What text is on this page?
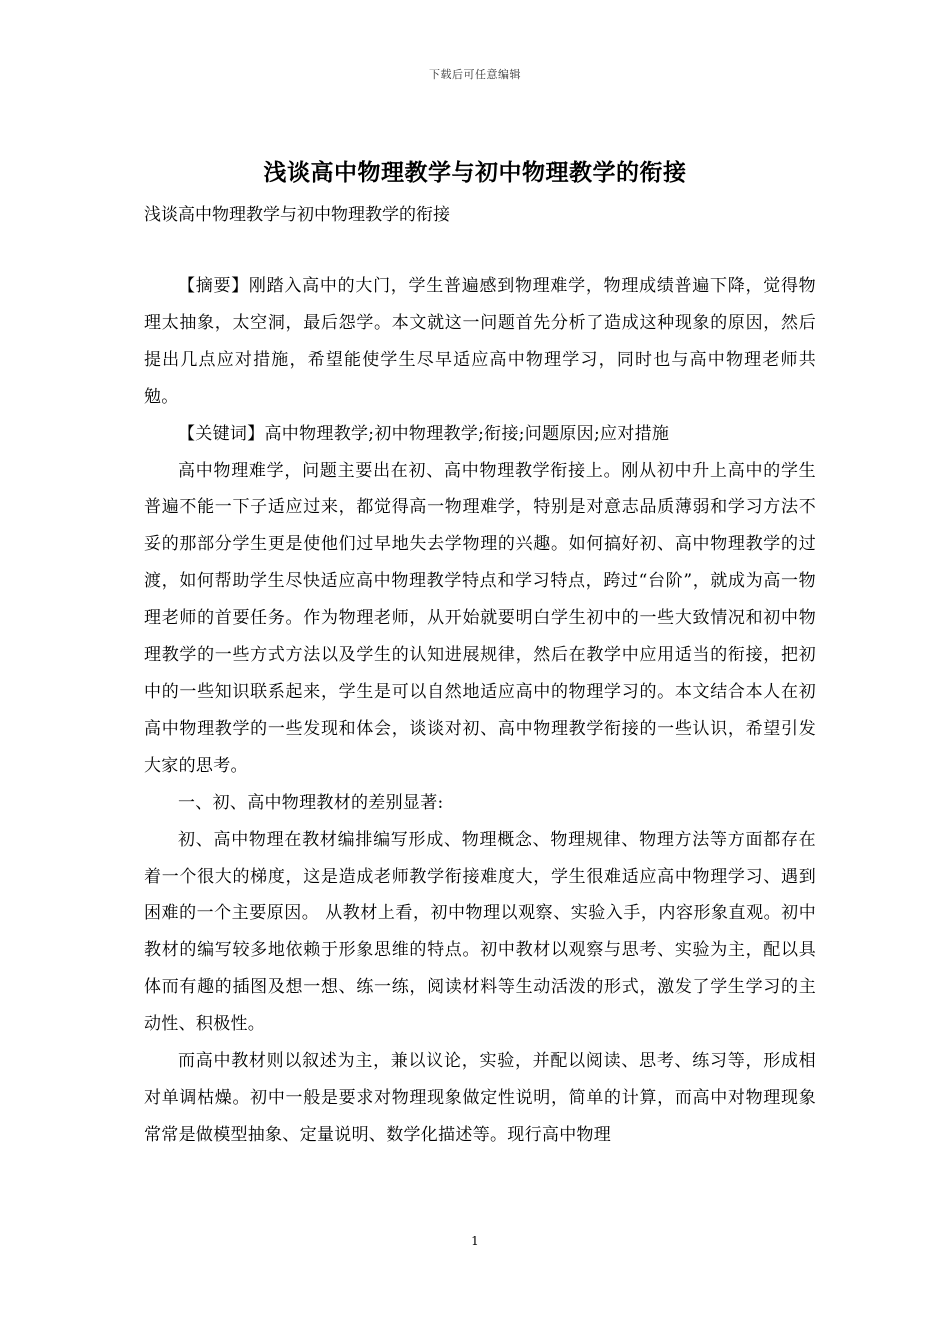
下载后可任意编辑
浅谈高中物理教学与初中物理教学的衔接
浅谈高中物理教学与初中物理教学的衔接

【摘要】刚踏入高中的大门，学生普遍感到物理难学，物理成绩普遍下降，觉得物理太抽象，太空洞，最后怨学。本文就这一问题首先分析了造成这种现象的原因，然后提出几点应对措施，希望能使学生尽早适应高中物理学习，同时也与高中物理老师共勉。

【关键词】高中物理教学;初中物理教学;衔接;问题原因;应对措施

高中物理难学，问题主要出在初、高中物理教学衔接上。刚从初中升上高中的学生普遍不能一下子适应过来，都觉得高一物理难学，特别是对意志品质薄弱和学习方法不妥的那部分学生更是使他们过早地失去学物理的兴趣。如何搞好初、高中物理教学的过渡，如何帮助学生尽快适应高中物理教学特点和学习特点，跨过“台阶”，就成为高一物理老师的首要任务。作为物理老师，从开始就要明白学生初中的一些大致情况和初中物理教学的一些方式方法以及学生的认知进展规律，然后在教学中应用适当的衔接，把初中的一些知识联系起来，学生是可以自然地适应高中的物理学习的。本文结合本人在初高中物理教学的一些发现和体会，谈谈对初、高中物理教学衔接的一些认识，希望引发大家的思考。

一、初、高中物理教材的差别显著:

初、高中物理在教材编排编写形成、物理概念、物理规律、物理方法等方面都存在着一个很大的梯度，这是造成老师教学衔接难度大，学生很难适应高中物理学习、遇到困难的一个主要原因。 从教材上看，初中物理以观察、实验入手，内容形象直观。初中教材的编写较多地依赖于形象思维的特点。初中教材以观察与思考、实验为主，配以具体而有趣的插图及想一想、练一练，阅读材料等生动活泼的形式，激发了学生学习的主动性、积极性。

而高中教材则以叙述为主，兼以议论，实验，并配以阅读、思考、练习等，形成相对单调枯燥。初中一般是要求对物理现象做定性说明，简单的计算，而高中对物理现象常常是做模型抽象、定量说明、数学化描述等。现行高中物理

1
